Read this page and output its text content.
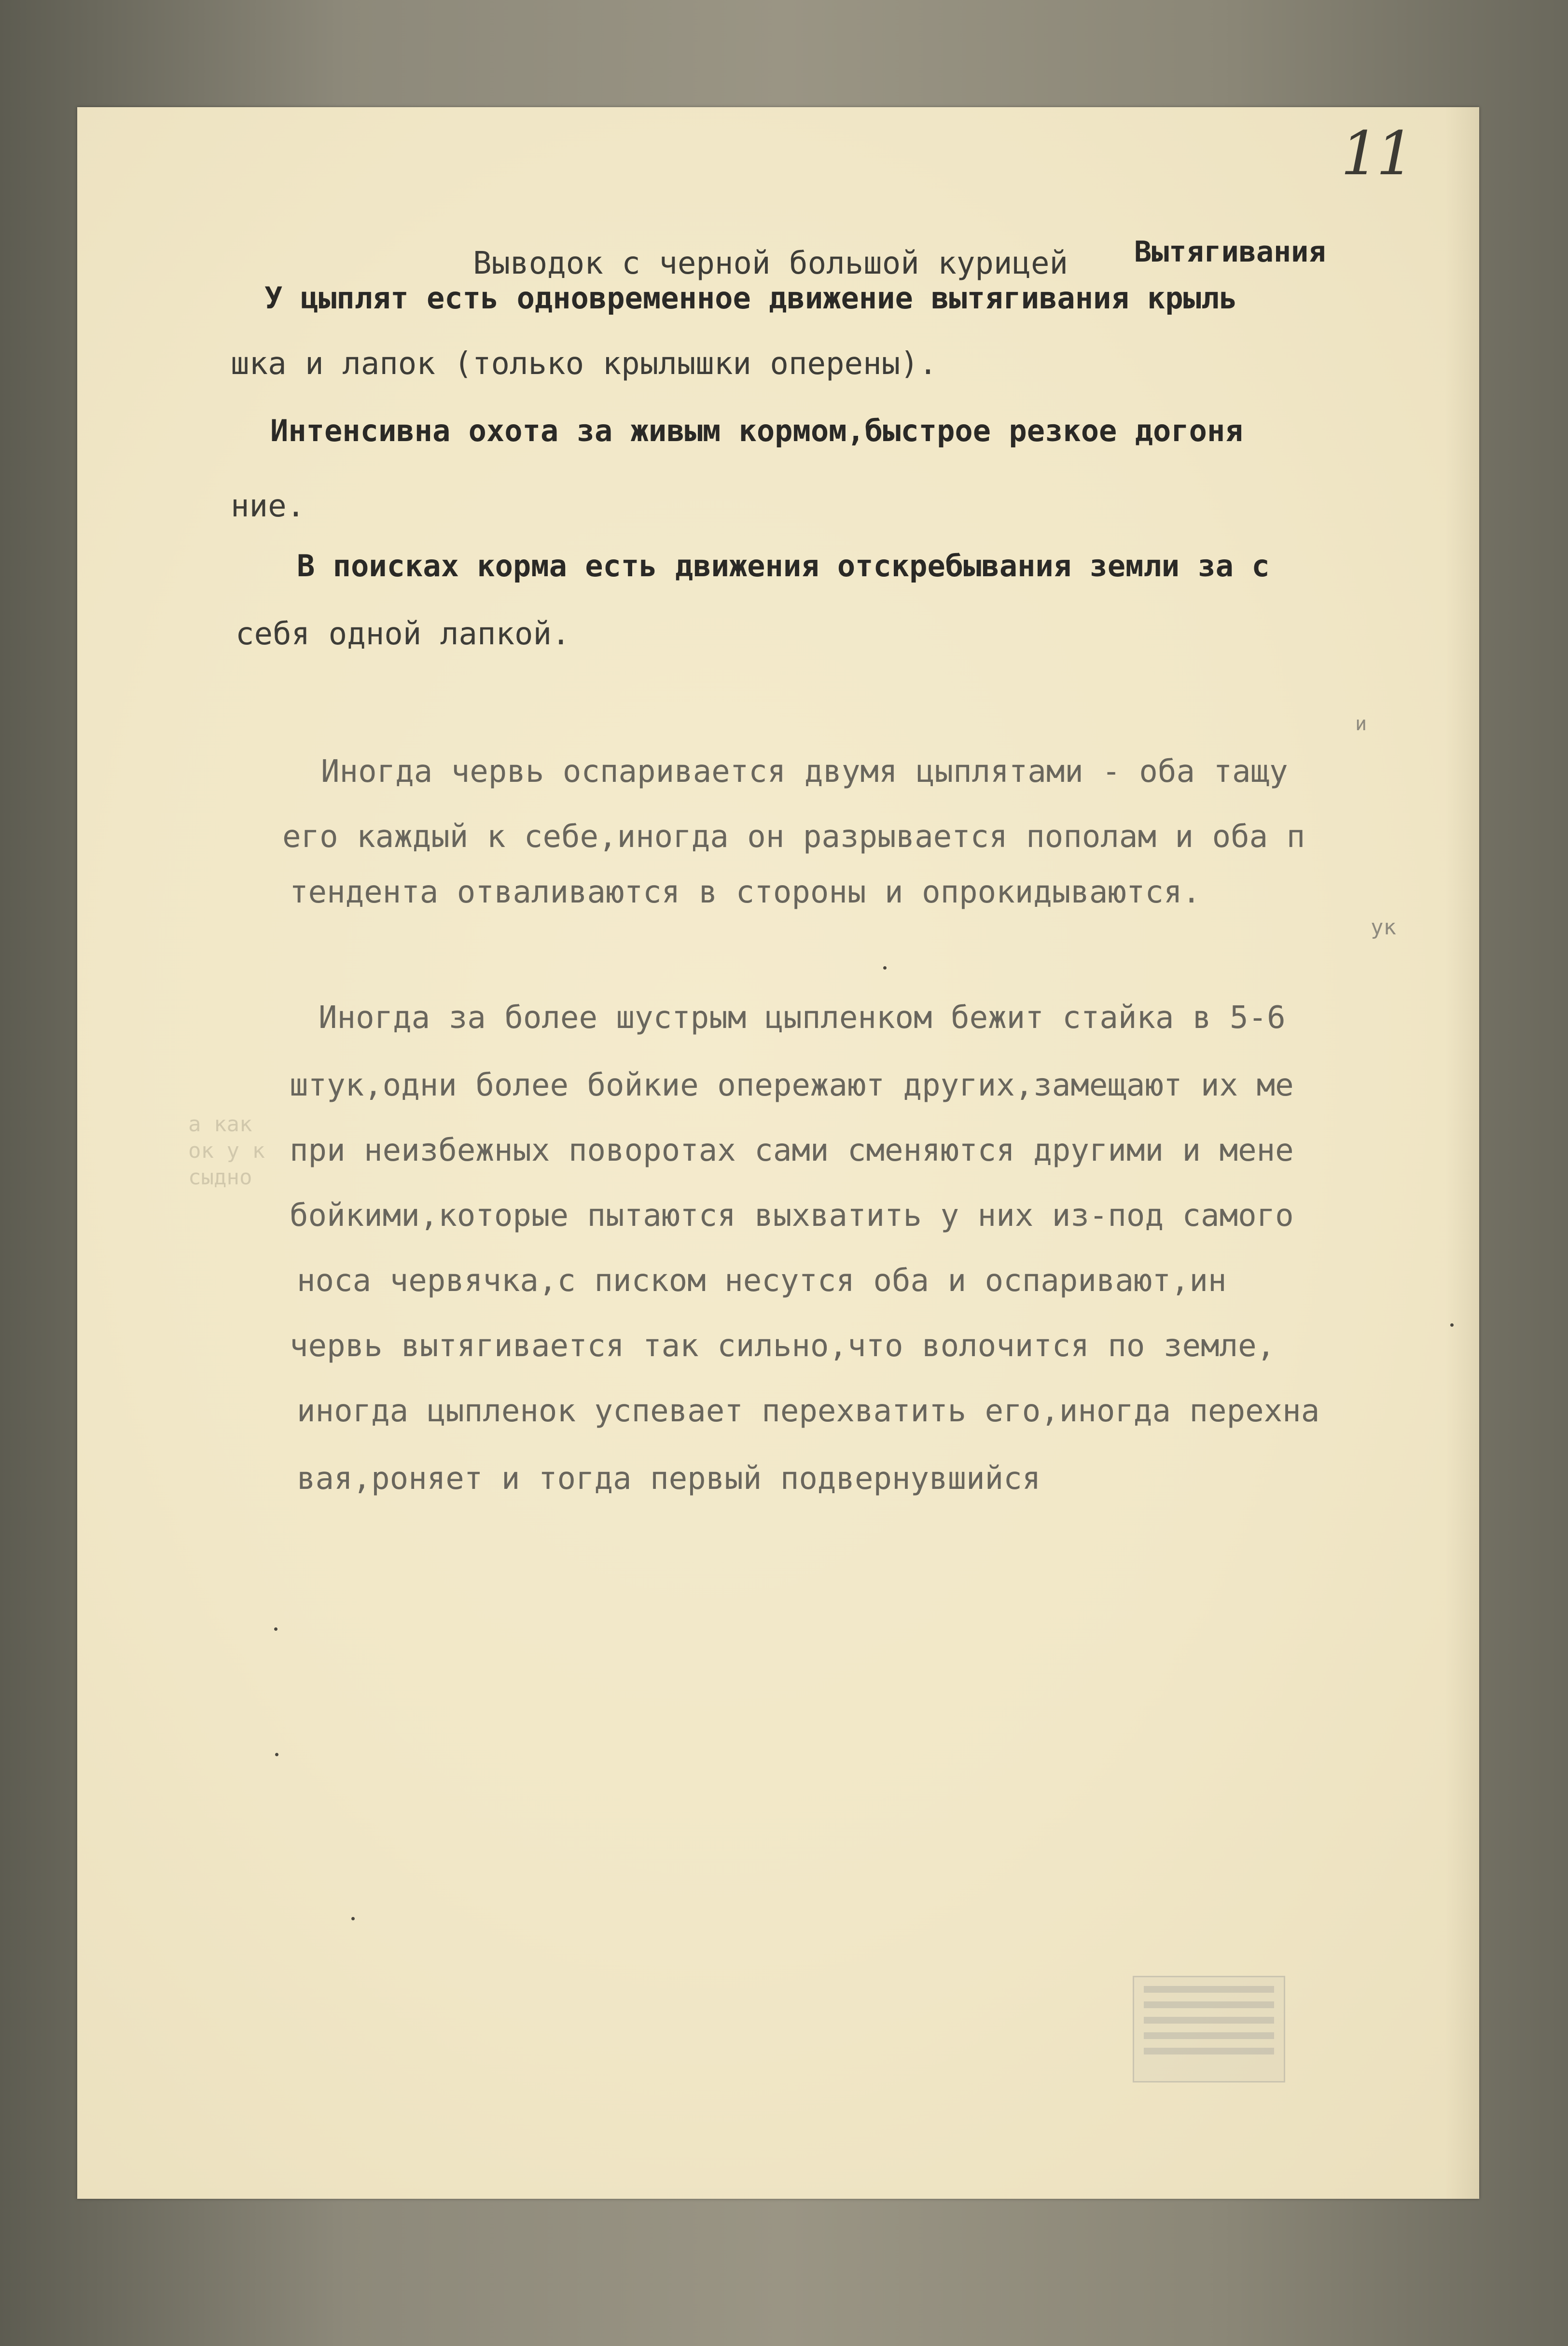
11
Выводок с черной большой курицей Вытягивания
У цыплят есть одновременное движение вытягивания крыль
шка и лапок (только крылышки оперены).
Интенсивна охота за живым кормом,быстрое резкое догоня
ние.
В поисках корма есть движения отскребывания земли за с
себя одной лапкой.
и
Иногда червь оспаривается двумя цыплятами - оба тащу
его каждый к себе,иногда он разрывается пополам и оба п
тендента отваливаются в стороны и опрокидываются.
ук
Иногда за более шустрым цыпленком бежит стайка в 5-6
штук,одни более бойкие опережают других,замещают их ме
при неизбежных поворотах сами сменяются другими и мене
бойкими,которые пытаются выхватить у них из-под самого
носа червячка,с писком несутся оба и оспаривают,ин
червь вытягивается так сильно,что волочится по земле,
иногда цыпленок успевает перехватить его,иногда перехна
вая,роняет и тогда первый подвернувшийся
а как
ок у к
сыдно
